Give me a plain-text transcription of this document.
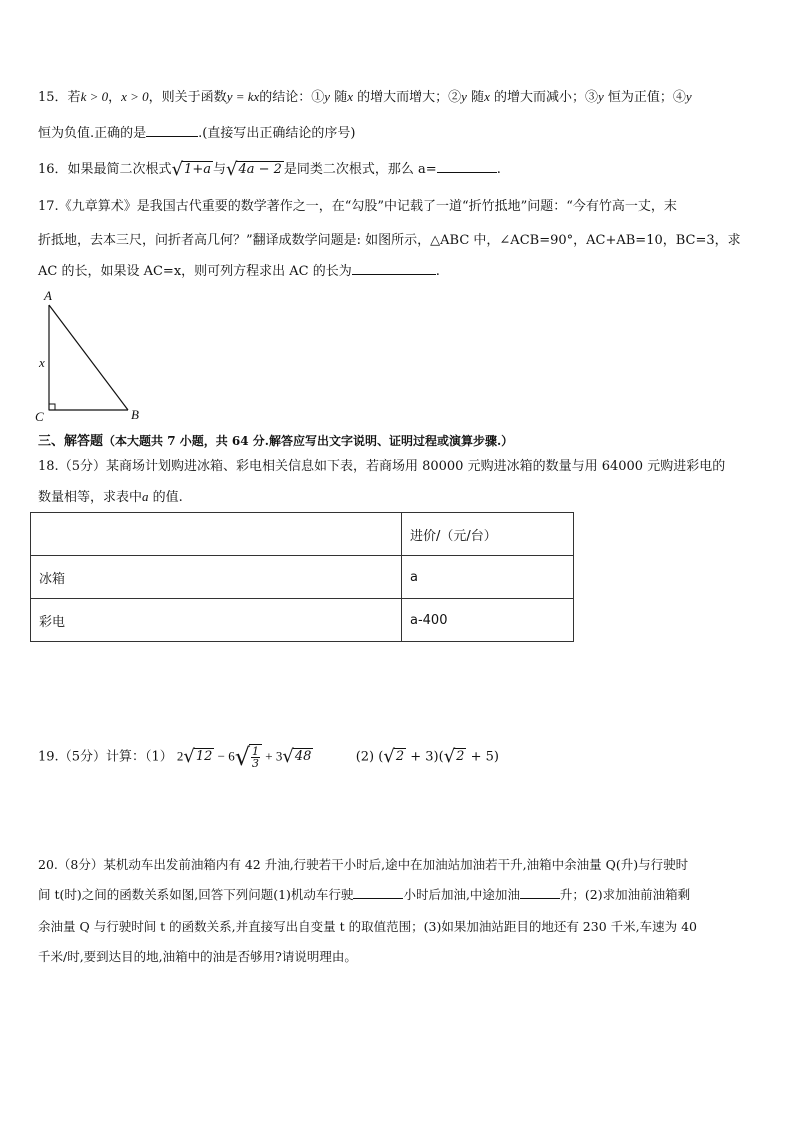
15．若k > 0，x > 0，则关于函数y = kx的结论：①y 随x 的增大而增大；②y 随x 的增大而减小；③y 恒为正值；④y
恒为负值.正确的是	.(直接写出正确结论的序号)
16．如果最简二次根式 √ 1+a 与 √ 4a − 2 是同类二次根式，那么 a=	.
17.《九章算术》是我国古代重要的数学著作之一，在“勾股”中记载了一道“折竹抵地”问题：“今有竹高一丈，末
折抵地，去本三尺，问折者高几何？”翻译成数学问题是: 如图所示，△ABC 中，∠ACB=90°，AC+AB=10，BC=3，求
AC 的长，如果设 AC=x，则可列方程求出 AC 的长为	.
A
B
C
x
三、解答题（本大题共 7 小题，共 64 分.解答应写出文字说明、证明过程或演算步骤.）
18.（5分）某商场计划购进冰箱、彩电相关信息如下表，若商场用 80000 元购进冰箱的数量与用 64000 元购进彩电的
数量相等，求表中a 的值.
	进价/（元/台）
冰箱	a
彩电	a-400
19.（5分）计算：（1） 2 √ 12 − 6 √ $\frac{1}{3} + 3$ √ 48	(2) ( √ 2 + 3)( √ 2 + 5)
20.（8分）某机动车出发前油箱内有 42 升油,行驶若干小时后,途中在加油站加油若干升,油箱中余油量 Q(升)与行驶时
间 t(时)之间的函数关系如图,回答下列问题(1)机动车行驶	小时后加油,中途加油	升；(2)求加油前油箱剩
余油量 Q 与行驶时间 t 的函数关系,并直接写出自变量 t 的取值范围；(3)如果加油站距目的地还有 230 千米,车速为 40
千米/时,要到达目的地,油箱中的油是否够用?请说明理由。
